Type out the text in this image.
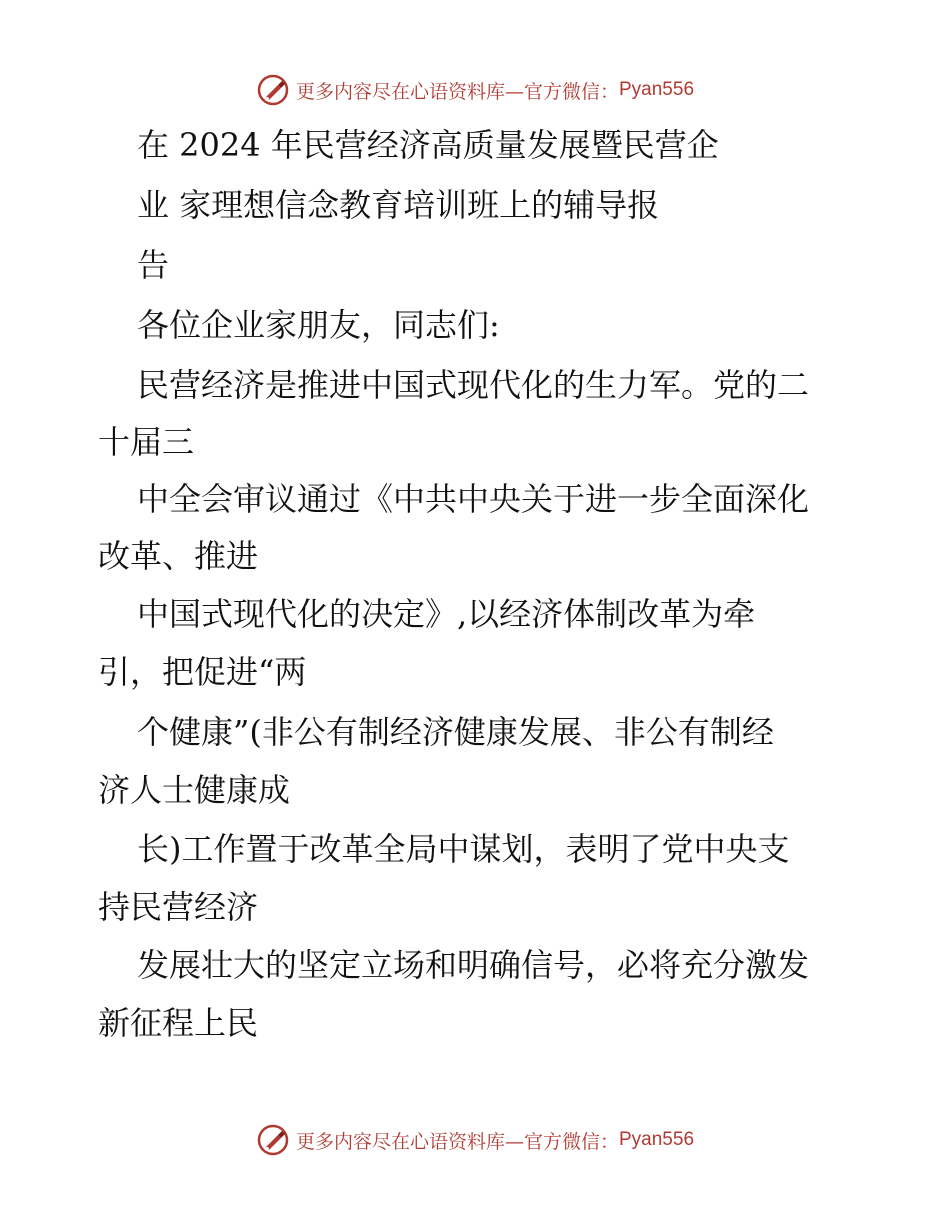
更多内容尽在心语资料库—官方微信： Pyan556
在 2024 年民营经济高质量发展暨民营企
业 家理想信念教育培训班上的辅导报
告
各位企业家朋友，同志们:
民营经济是推进中国式现代化的生力军。党的二
十届三
中全会审议通过《中共中央关于进一步全面深化
改革、推进
中国式现代化的决定》,以经济体制改革为牵
引，把促进“两
个健康”(非公有制经济健康发展、非公有制经
济人士健康成
长)工作置于改革全局中谋划，表明了党中央支
持民营经济
发展壮大的坚定立场和明确信号，必将充分激发
新征程上民
更多内容尽在心语资料库—官方微信： Pyan556
